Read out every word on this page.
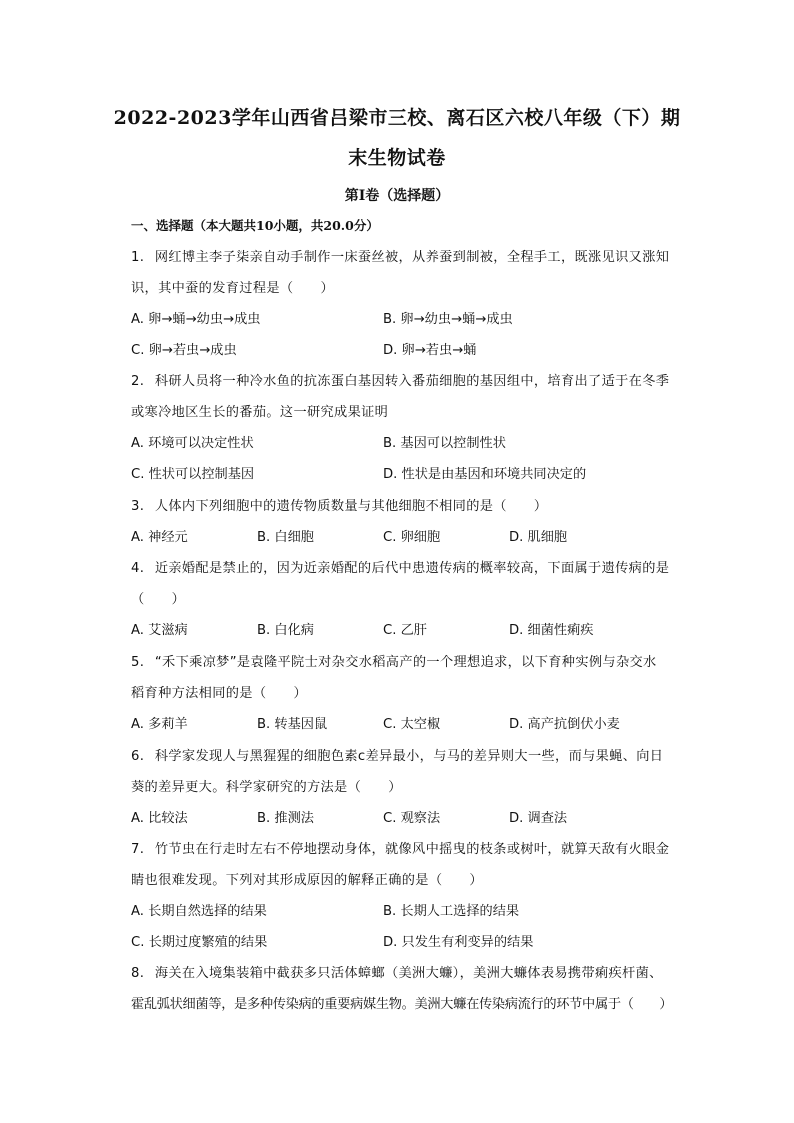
2022-2023学年山西省吕梁市三校、离石区六校八年级（下）期
末生物试卷
第I卷（选择题）
一、选择题（本大题共10小题，共20.0分）
1. 网红博主李子柒亲自动手制作一床蚕丝被，从养蚕到制被，全程手工，既涨见识又涨知
识，其中蚕的发育过程是（　　）
A. 卵→蛹→幼虫→成虫	B. 卵→幼虫→蛹→成虫
C. 卵→若虫→成虫	D. 卵→若虫→蛹
2. 科研人员将一种冷水鱼的抗冻蛋白基因转入番茄细胞的基因组中，培育出了适于在冬季
或寒冷地区生长的番茄。这一研究成果证明
A. 环境可以决定性状	B. 基因可以控制性状
C. 性状可以控制基因	D. 性状是由基因和环境共同决定的
3. 人体内下列细胞中的遗传物质数量与其他细胞不相同的是（　　）
A. 神经元	B. 白细胞	C. 卵细胞	D. 肌细胞
4. 近亲婚配是禁止的，因为近亲婚配的后代中患遗传病的概率较高，下面属于遗传病的是
（　　）
A. 艾滋病	B. 白化病	C. 乙肝	D. 细菌性痢疾
5. “禾下乘凉梦”是袁隆平院士对杂交水稻高产的一个理想追求，以下育种实例与杂交水
稻育种方法相同的是（　　）
A. 多莉羊	B. 转基因鼠	C. 太空椒	D. 高产抗倒伏小麦
6. 科学家发现人与黑猩猩的细胞色素c差异最小，与马的差异则大一些，而与果蝇、向日
葵的差异更大。科学家研究的方法是（　　）
A. 比较法	B. 推测法	C. 观察法	D. 调查法
7. 竹节虫在行走时左右不停地摆动身体，就像风中摇曳的枝条或树叶，就算天敌有火眼金
睛也很难发现。下列对其形成原因的解释正确的是（　　）
A. 长期自然选择的结果	B. 长期人工选择的结果
C. 长期过度繁殖的结果	D. 只发生有利变异的结果
8. 海关在入境集装箱中截获多只活体蟑螂（美洲大蠊），美洲大蠊体表易携带痢疾杆菌、
霍乱弧状细菌等，是多种传染病的重要病媒生物。美洲大蠊在传染病流行的环节中属于（　　）
